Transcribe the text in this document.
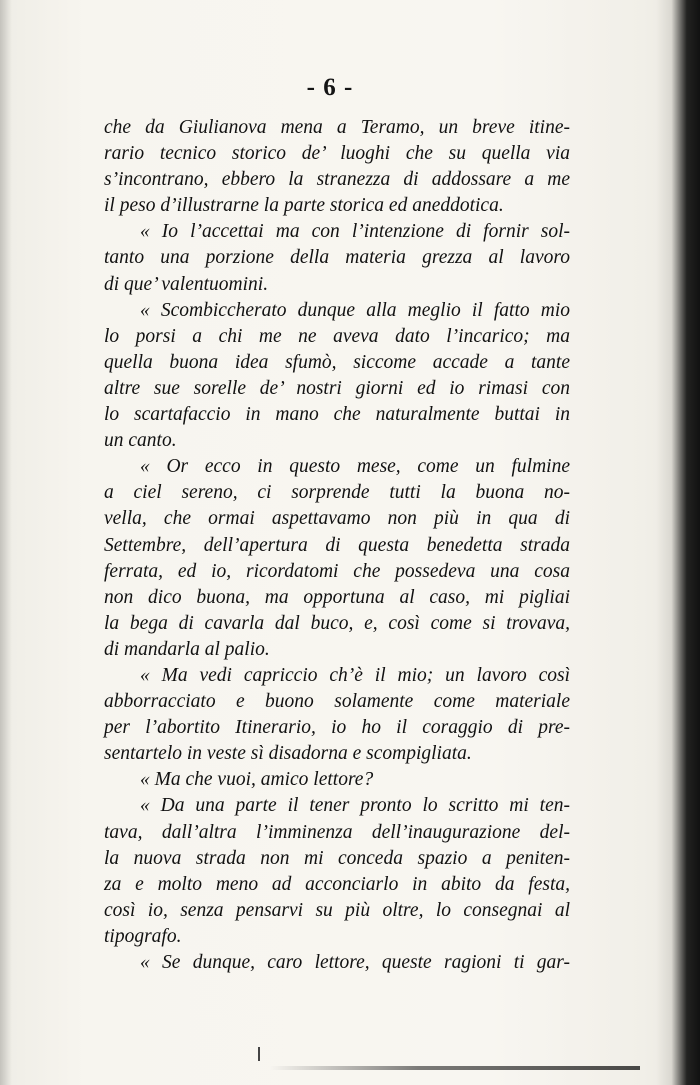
- 6 -
che da Giulianova mena a Teramo, un breve itine-
rario tecnico storico de’ luoghi che su quella via
s’incontrano, ebbero la stranezza di addossare a me
il peso d’illustrarne la parte storica ed aneddotica.
« Io l’accettai ma con l’intenzione di fornir sol-
tanto una porzione della materia grezza al lavoro
di que’ valentuomini.
« Scombiccherato dunque alla meglio il fatto mio
lo porsi a chi me ne aveva dato l’incarico; ma
quella buona idea sfumò, siccome accade a tante
altre sue sorelle de’ nostri giorni ed io rimasi con
lo scartafaccio in mano che naturalmente buttai in
un canto.
« Or ecco in questo mese, come un fulmine
a ciel sereno, ci sorprende tutti la buona no-
vella, che ormai aspettavamo non più in qua di
Settembre, dell’apertura di questa benedetta strada
ferrata, ed io, ricordatomi che possedeva una cosa
non dico buona, ma opportuna al caso, mi pigliai
la bega di cavarla dal buco, e, così come si trovava,
di mandarla al palio.
« Ma vedi capriccio ch’è il mio; un lavoro così
abborracciato e buono solamente come materiale
per l’abortito Itinerario, io ho il coraggio di pre-
sentartelo in veste sì disadorna e scompigliata.
« Ma che vuoi, amico lettore?
« Da una parte il tener pronto lo scritto mi ten-
tava, dall’altra l’imminenza dell’inaugurazione del-
la nuova strada non mi conceda spazio a peniten-
za e molto meno ad acconciarlo in abito da festa,
così io, senza pensarvi su più oltre, lo consegnai al
tipografo.
« Se dunque, caro lettore, queste ragioni ti gar-
